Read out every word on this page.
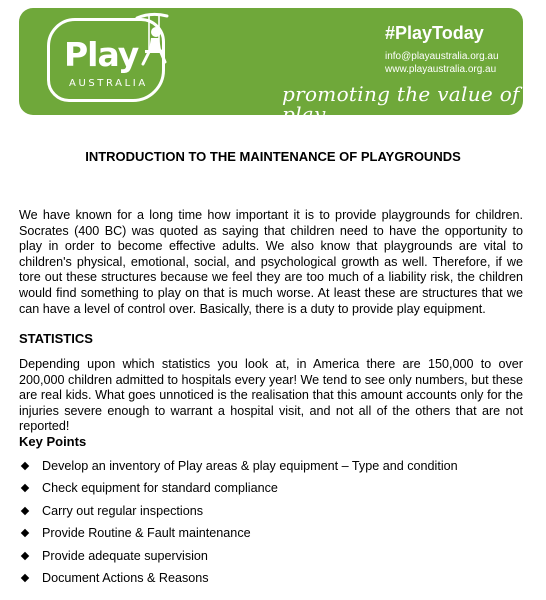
Play
AUSTRALIA
#PlayToday
info@playaustralia.org.au
www.playaustralia.org.au
promoting the value of play
INTRODUCTION TO THE MAINTENANCE OF PLAYGROUNDS

We have known for a long time how important it is to provide playgrounds for children. Socrates (400 BC) was quoted as saying that children need to have the opportunity to play in order to become effective adults. We also know that playgrounds are vital to children's physical, emotional, social, and psychological growth as well. Therefore, if we tore out these structures because we feel they are too much of a liability risk, the children would find something to play on that is much worse. At least these are structures that we can have a level of control over. Basically, there is a duty to provide play equipment.

STATISTICS

Depending upon which statistics you look at, in America there are 150,000 to over 200,000 children admitted to hospitals every year! We tend to see only numbers, but these are real kids. What goes unnoticed is the realisation that this amount accounts only for the injuries severe enough to warrant a hospital visit, and not all of the others that are not reported!

Key Points
Develop an inventory of Play areas & play equipment – Type and condition
Check equipment for standard compliance
Carry out regular inspections
Provide Routine & Fault maintenance
Provide adequate supervision
Document Actions & Reasons
